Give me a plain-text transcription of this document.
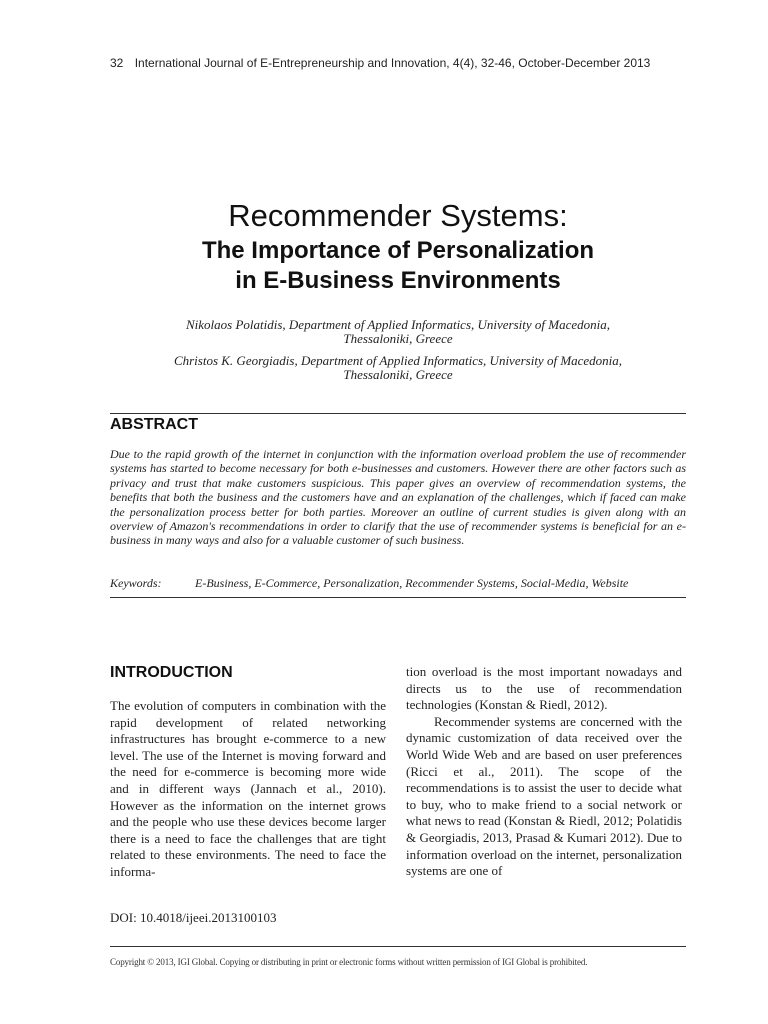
32 International Journal of E-Entrepreneurship and Innovation, 4(4), 32-46, October-December 2013
Recommender Systems:
The Importance of Personalization
in E-Business Environments
Nikolaos Polatidis, Department of Applied Informatics, University of Macedonia,
Thessaloniki, Greece
Christos K. Georgiadis, Department of Applied Informatics, University of Macedonia,
Thessaloniki, Greece
ABSTRACT
Due to the rapid growth of the internet in conjunction with the information overload problem the use of recommender systems has started to become necessary for both e-businesses and customers. However there are other factors such as privacy and trust that make customers suspicious. This paper gives an overview of recommendation systems, the benefits that both the business and the customers have and an explanation of the challenges, which if faced can make the personalization process better for both parties. Moreover an outline of current studies is given along with an overview of Amazon's recommendations in order to clarify that the use of recommender systems is beneficial for an e-business in many ways and also for a valuable customer of such business.
Keywords:	E-Business, E-Commerce, Personalization, Recommender Systems, Social-Media, Website
INTRODUCTION

The evolution of computers in combination with the rapid development of related networking infrastructures has brought e-commerce to a new level. The use of the Internet is moving forward and the need for e-commerce is becoming more wide and in different ways (Jannach et al., 2010). However as the information on the internet grows and the people who use these devices become larger there is a need to face the challenges that are tight related to these environments. The need to face the informa-

tion overload is the most important nowadays and directs us to the use of recommendation technologies (Konstan & Riedl, 2012).

Recommender systems are concerned with the dynamic customization of data received over the World Wide Web and are based on user preferences (Ricci et al., 2011). The scope of the recommendations is to assist the user to decide what to buy, who to make friend to a social network or what news to read (Konstan & Riedl, 2012; Polatidis & Georgiadis, 2013, Prasad & Kumari 2012). Due to information overload on the internet, personalization systems are one of

DOI: 10.4018/ijeei.2013100103
Copyright © 2013, IGI Global. Copying or distributing in print or electronic forms without written permission of IGI Global is prohibited.
